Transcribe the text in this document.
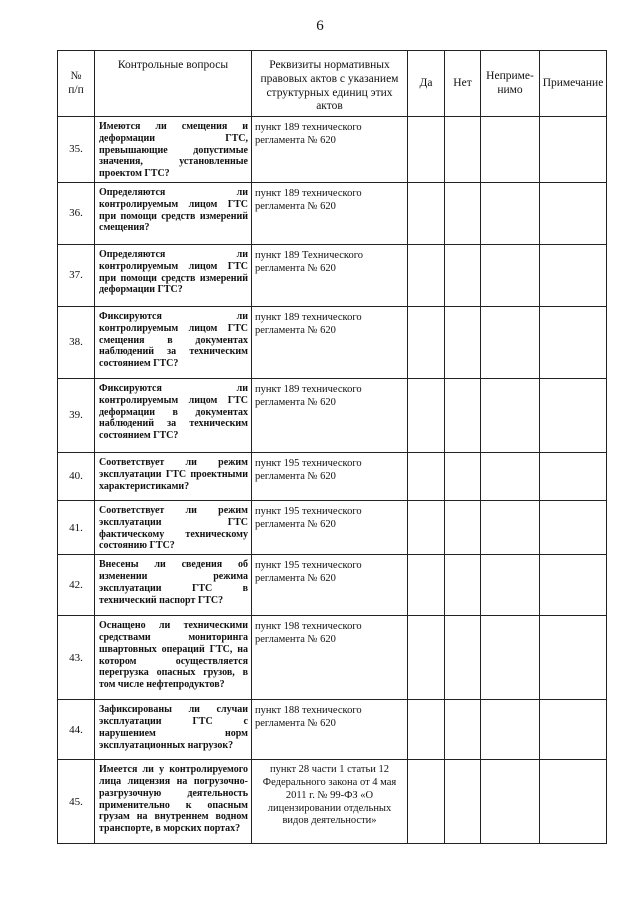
6
№
п/п	Контрольные вопросы	Реквизиты нормативных правовых актов с указанием структурных единиц этих актов	Да	Нет	Непримe-нимо	Примечание
35.	Имеются ли смещения и деформации ГТС, превышающие допустимые значения, установленные проектом ГТС?	пункт 189 технического
регламента № 620				

36.	Определяются ли контролируемым лицом ГТС при помощи средств измерений смещения?	пункт 189 технического
регламента № 620				

37.	Определяются ли контролируемым лицом ГТС при помощи средств измерений деформации ГТС?	пункт 189 Технического
регламента № 620				

38.	Фиксируются ли контролируемым лицом ГТС смещения в документах наблюдений за техническим состоянием ГТС?	пункт 189 технического
регламента № 620				

39.	Фиксируются ли контролируемым лицом ГТС деформации в документах наблюдений за техническим состоянием ГТС?	пункт 189 технического
регламента № 620				

40.	Соответствует ли режим эксплуатации ГТС проектными характеристиками?	пункт 195 технического
регламента № 620				

41.	Соответствует ли режим эксплуатации ГТС фактическому техническому состоянию ГТС?	пункт 195 технического
регламента № 620				

42.	Внесены ли сведения об изменении режима эксплуатации ГТС в технический паспорт ГТС?	пункт 195 технического
регламента № 620				

43.	Оснащено ли техническими средствами мониторинга швартовных операций ГТС, на котором осуществляется перегрузка опасных грузов, в том числе нефтепродуктов?	пункт 198 технического
регламента № 620				

44.	Зафиксированы ли случаи эксплуатации ГТС с нарушением норм эксплуатационных нагрузок?	пункт 188 технического
регламента № 620				

45.	Имеется ли у контролируемого лица лицензия на погрузочно-разгрузочную деятельность применительно к опасным грузам на внутреннем водном транспорте, в морских портах?	пункт 28 части 1 статьи 12 Федерального закона от 4 мая 2011 г. № 99-ФЗ «О лицензировании отдельных видов деятельности»				
